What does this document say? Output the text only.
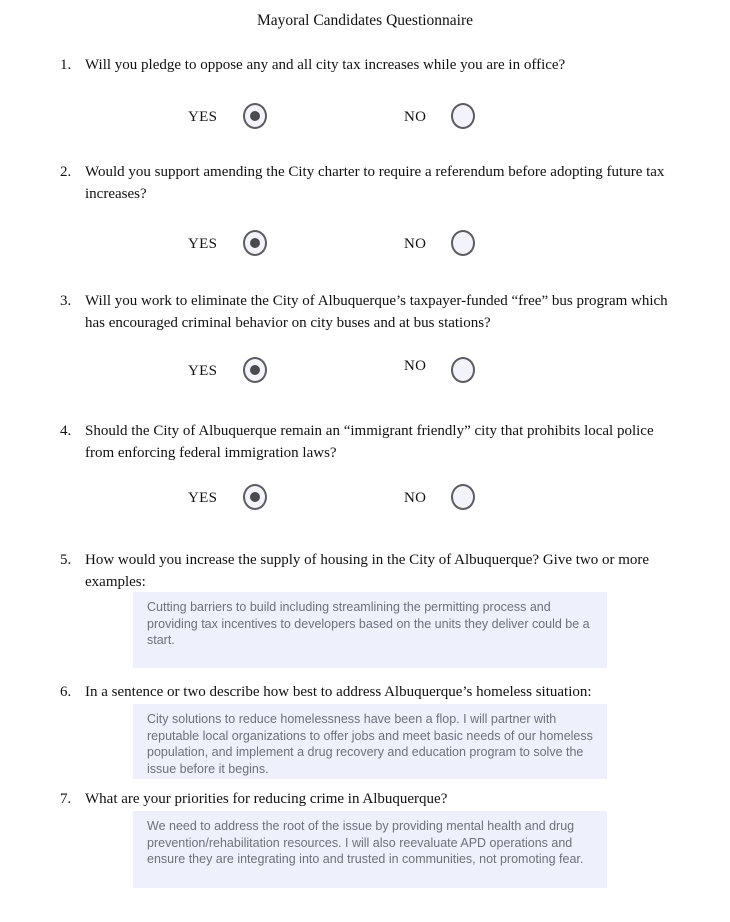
Mayoral Candidates Questionnaire
1. Will you pledge to oppose any and all city tax increases while you are in office?
YES	NO
2. Would you support amending the City charter to require a referendum before adopting future tax increases?
YES	NO
3. Will you work to eliminate the City of Albuquerque’s taxpayer-funded “free” bus program which has encouraged criminal behavior on city buses and at bus stations?
YES	NO
4. Should the City of Albuquerque remain an “immigrant friendly” city that prohibits local police from enforcing federal immigration laws?
YES	NO
5. How would you increase the supply of housing in the City of Albuquerque? Give two or more examples:
Cutting barriers to build including streamlining the permitting process and providing tax incentives to developers based on the units they deliver could be a start.
6. In a sentence or two describe how best to address Albuquerque’s homeless situation:
City solutions to reduce homelessness have been a flop. I will partner with reputable local organizations to offer jobs and meet basic needs of our homeless population, and implement a drug recovery and education program to solve the issue before it begins.
7. What are your priorities for reducing crime in Albuquerque?
We need to address the root of the issue by providing mental health and drug prevention/rehabilitation resources. I will also reevaluate APD operations and ensure they are integrating into and trusted in communities, not promoting fear.
